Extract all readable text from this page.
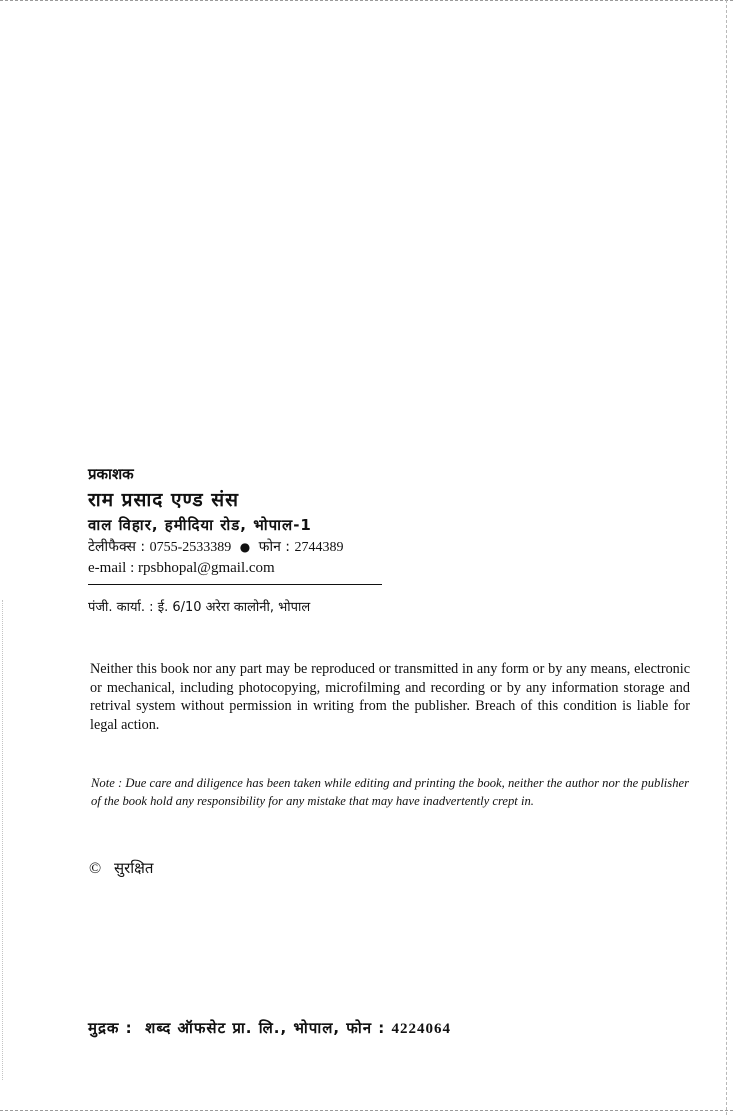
प्रकाशक
राम प्रसाद एण्ड संस
वाल विहार, हमीदिया रोड, भोपाल-1
टेलीफैक्स : 0755-2533389 ● फोन : 2744389
e-mail : rpsbhopal@gmail.com
पंजी. कार्या. : ई. 6/10 अरेरा कालोनी, भोपाल
Neither this book nor any part may be reproduced or transmitted in any form or by any means, electronic or mechanical, including photocopying, microfilming and recording or by any information storage and retrival system without permission in writing from the publisher. Breach of this condition is liable for legal action.
Note : Due care and diligence has been taken while editing and printing the book, neither the author nor the publisher of the book hold any responsibility for any mistake that may have inadvertently crept in.
© सुरक्षित
मुद्रक : शब्द ऑफसेट प्रा. लि., भोपाल, फोन : 4224064
